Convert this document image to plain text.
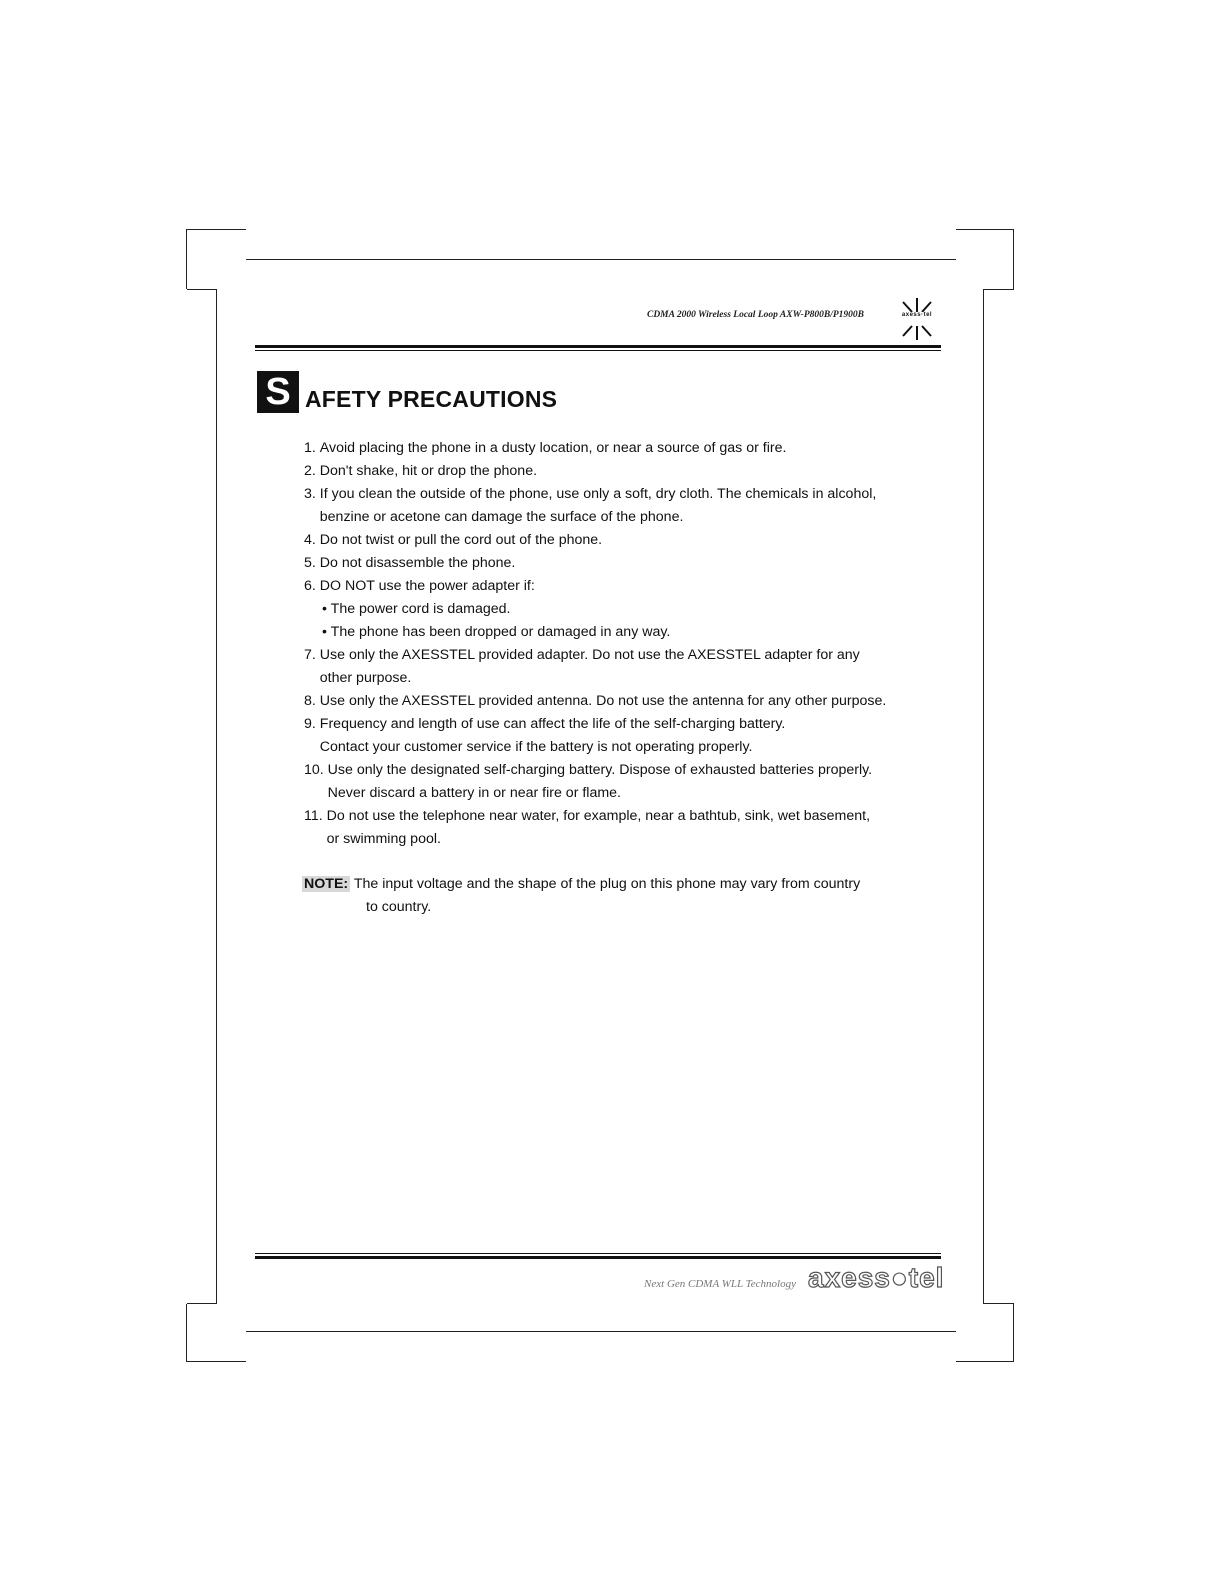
CDMA 2000 Wireless Local Loop AXW-P800B/P1900B	axess·tel
S AFETY PRECAUTIONS
1. Avoid placing the phone in a dusty location, or near a source of gas or fire.
2. Don't shake, hit or drop the phone.
3. If you clean the outside of the phone, use only a soft, dry cloth. The chemicals in alcohol,
benzine or acetone can damage the surface of the phone.
4. Do not twist or pull the cord out of the phone.
5. Do not disassemble the phone.
6. DO NOT use the power adapter if:
• The power cord is damaged.
• The phone has been dropped or damaged in any way.
7. Use only the AXESSTEL provided adapter. Do not use the AXESSTEL adapter for any
other purpose.
8. Use only the AXESSTEL provided antenna. Do not use the antenna for any other purpose.
9. Frequency and length of use can affect the life of the self-charging battery.
Contact your customer service if the battery is not operating properly.
10. Use only the designated self-charging battery. Dispose of exhausted batteries properly.
Never discard a battery in or near fire or flame.
11. Do not use the telephone near water, for example, near a bathtub, sink, wet basement,
or swimming pool.
NOTE: The input voltage and the shape of the plug on this phone may vary from country
to country.
Next Gen CDMA WLL Technology axess●tel
